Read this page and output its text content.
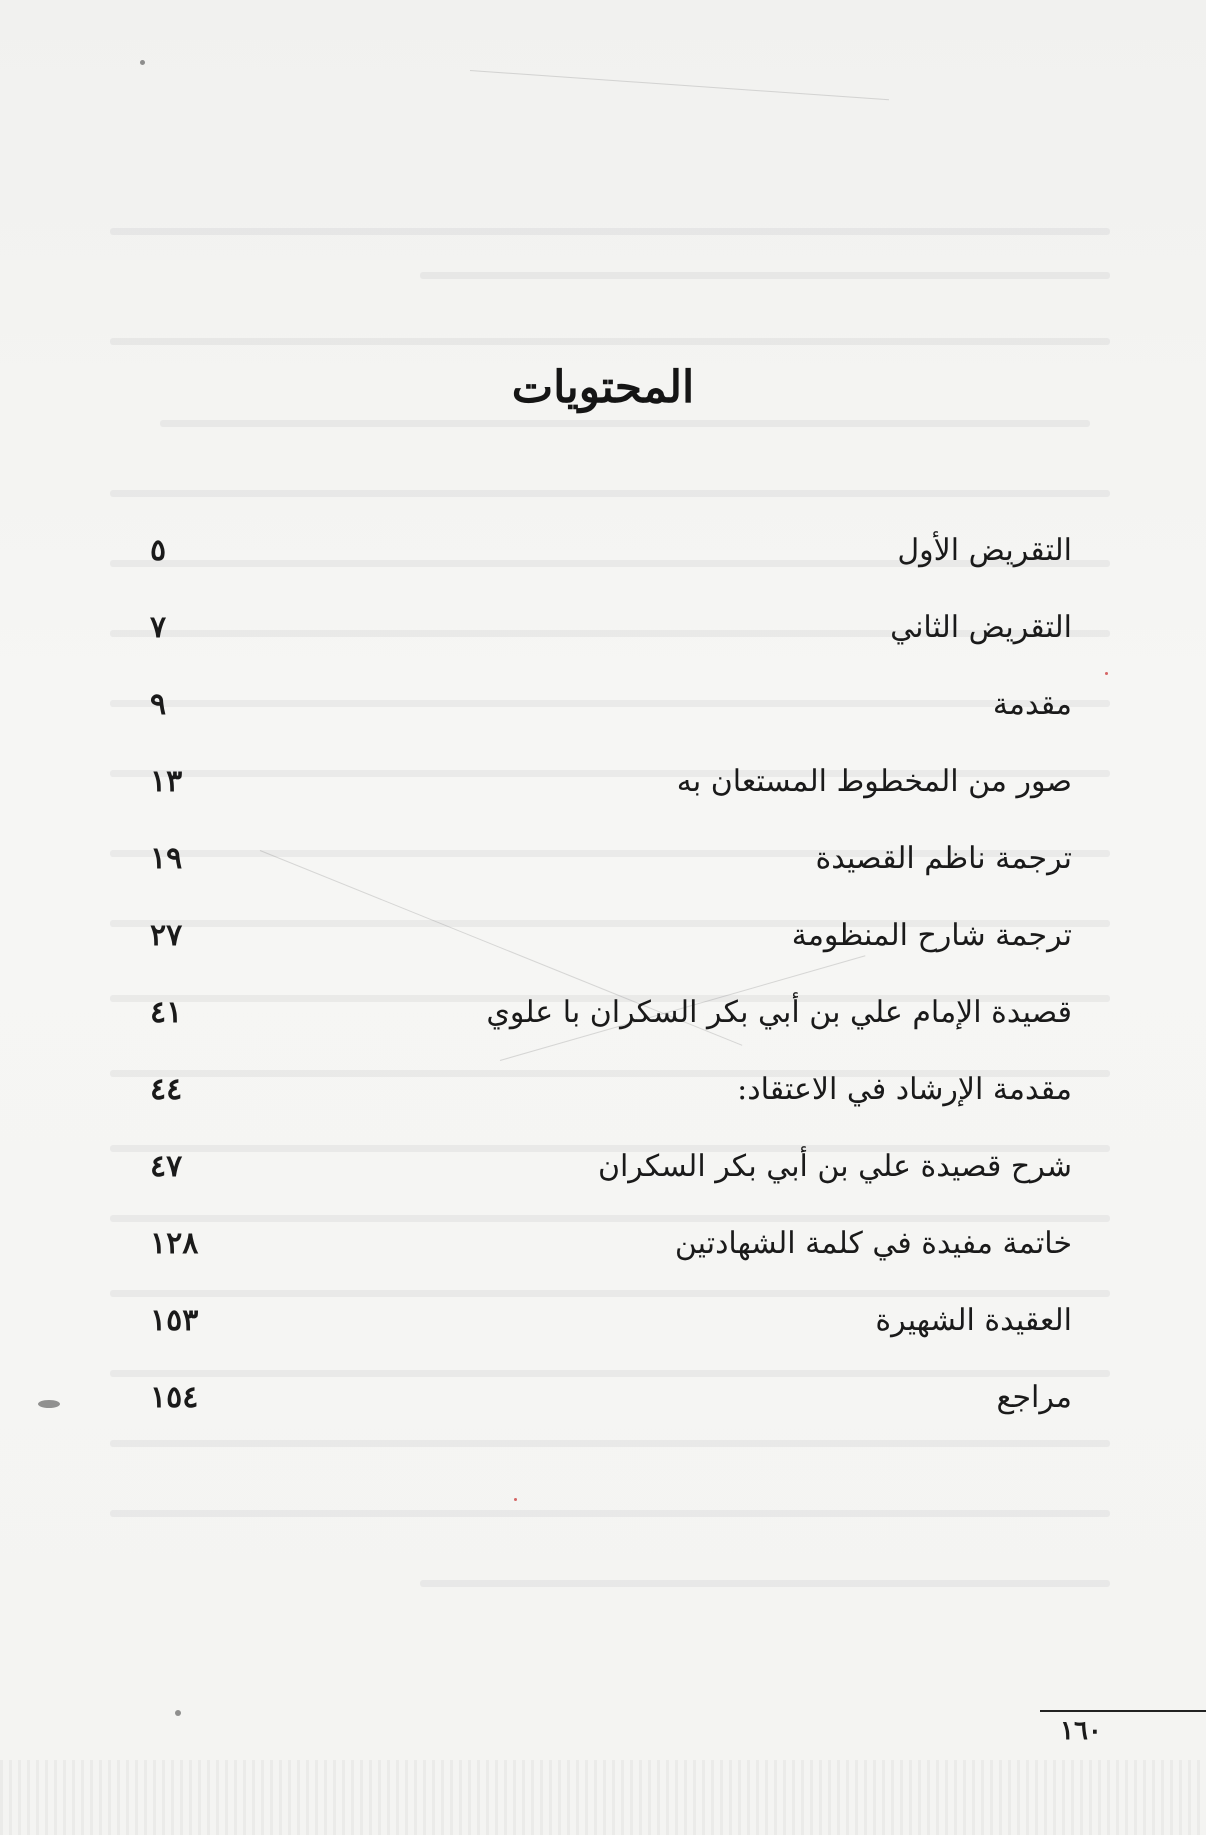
المحتويات
التقريض الأول
٥
التقريض الثاني
٧
مقدمة
٩
صور من المخطوط المستعان به
١٣
ترجمة ناظم القصيدة
١٩
ترجمة شارح المنظومة
٢٧
قصيدة الإمام علي بن أبي بكر السكران با علوي
٤١
مقدمة الإرشاد في الاعتقاد:
٤٤
شرح قصيدة علي بن أبي بكر السكران
٤٧
خاتمة مفيدة في كلمة الشهادتين
١٢٨
العقيدة الشهيرة
١٥٣
مراجع
١٥٤
١٦٠
